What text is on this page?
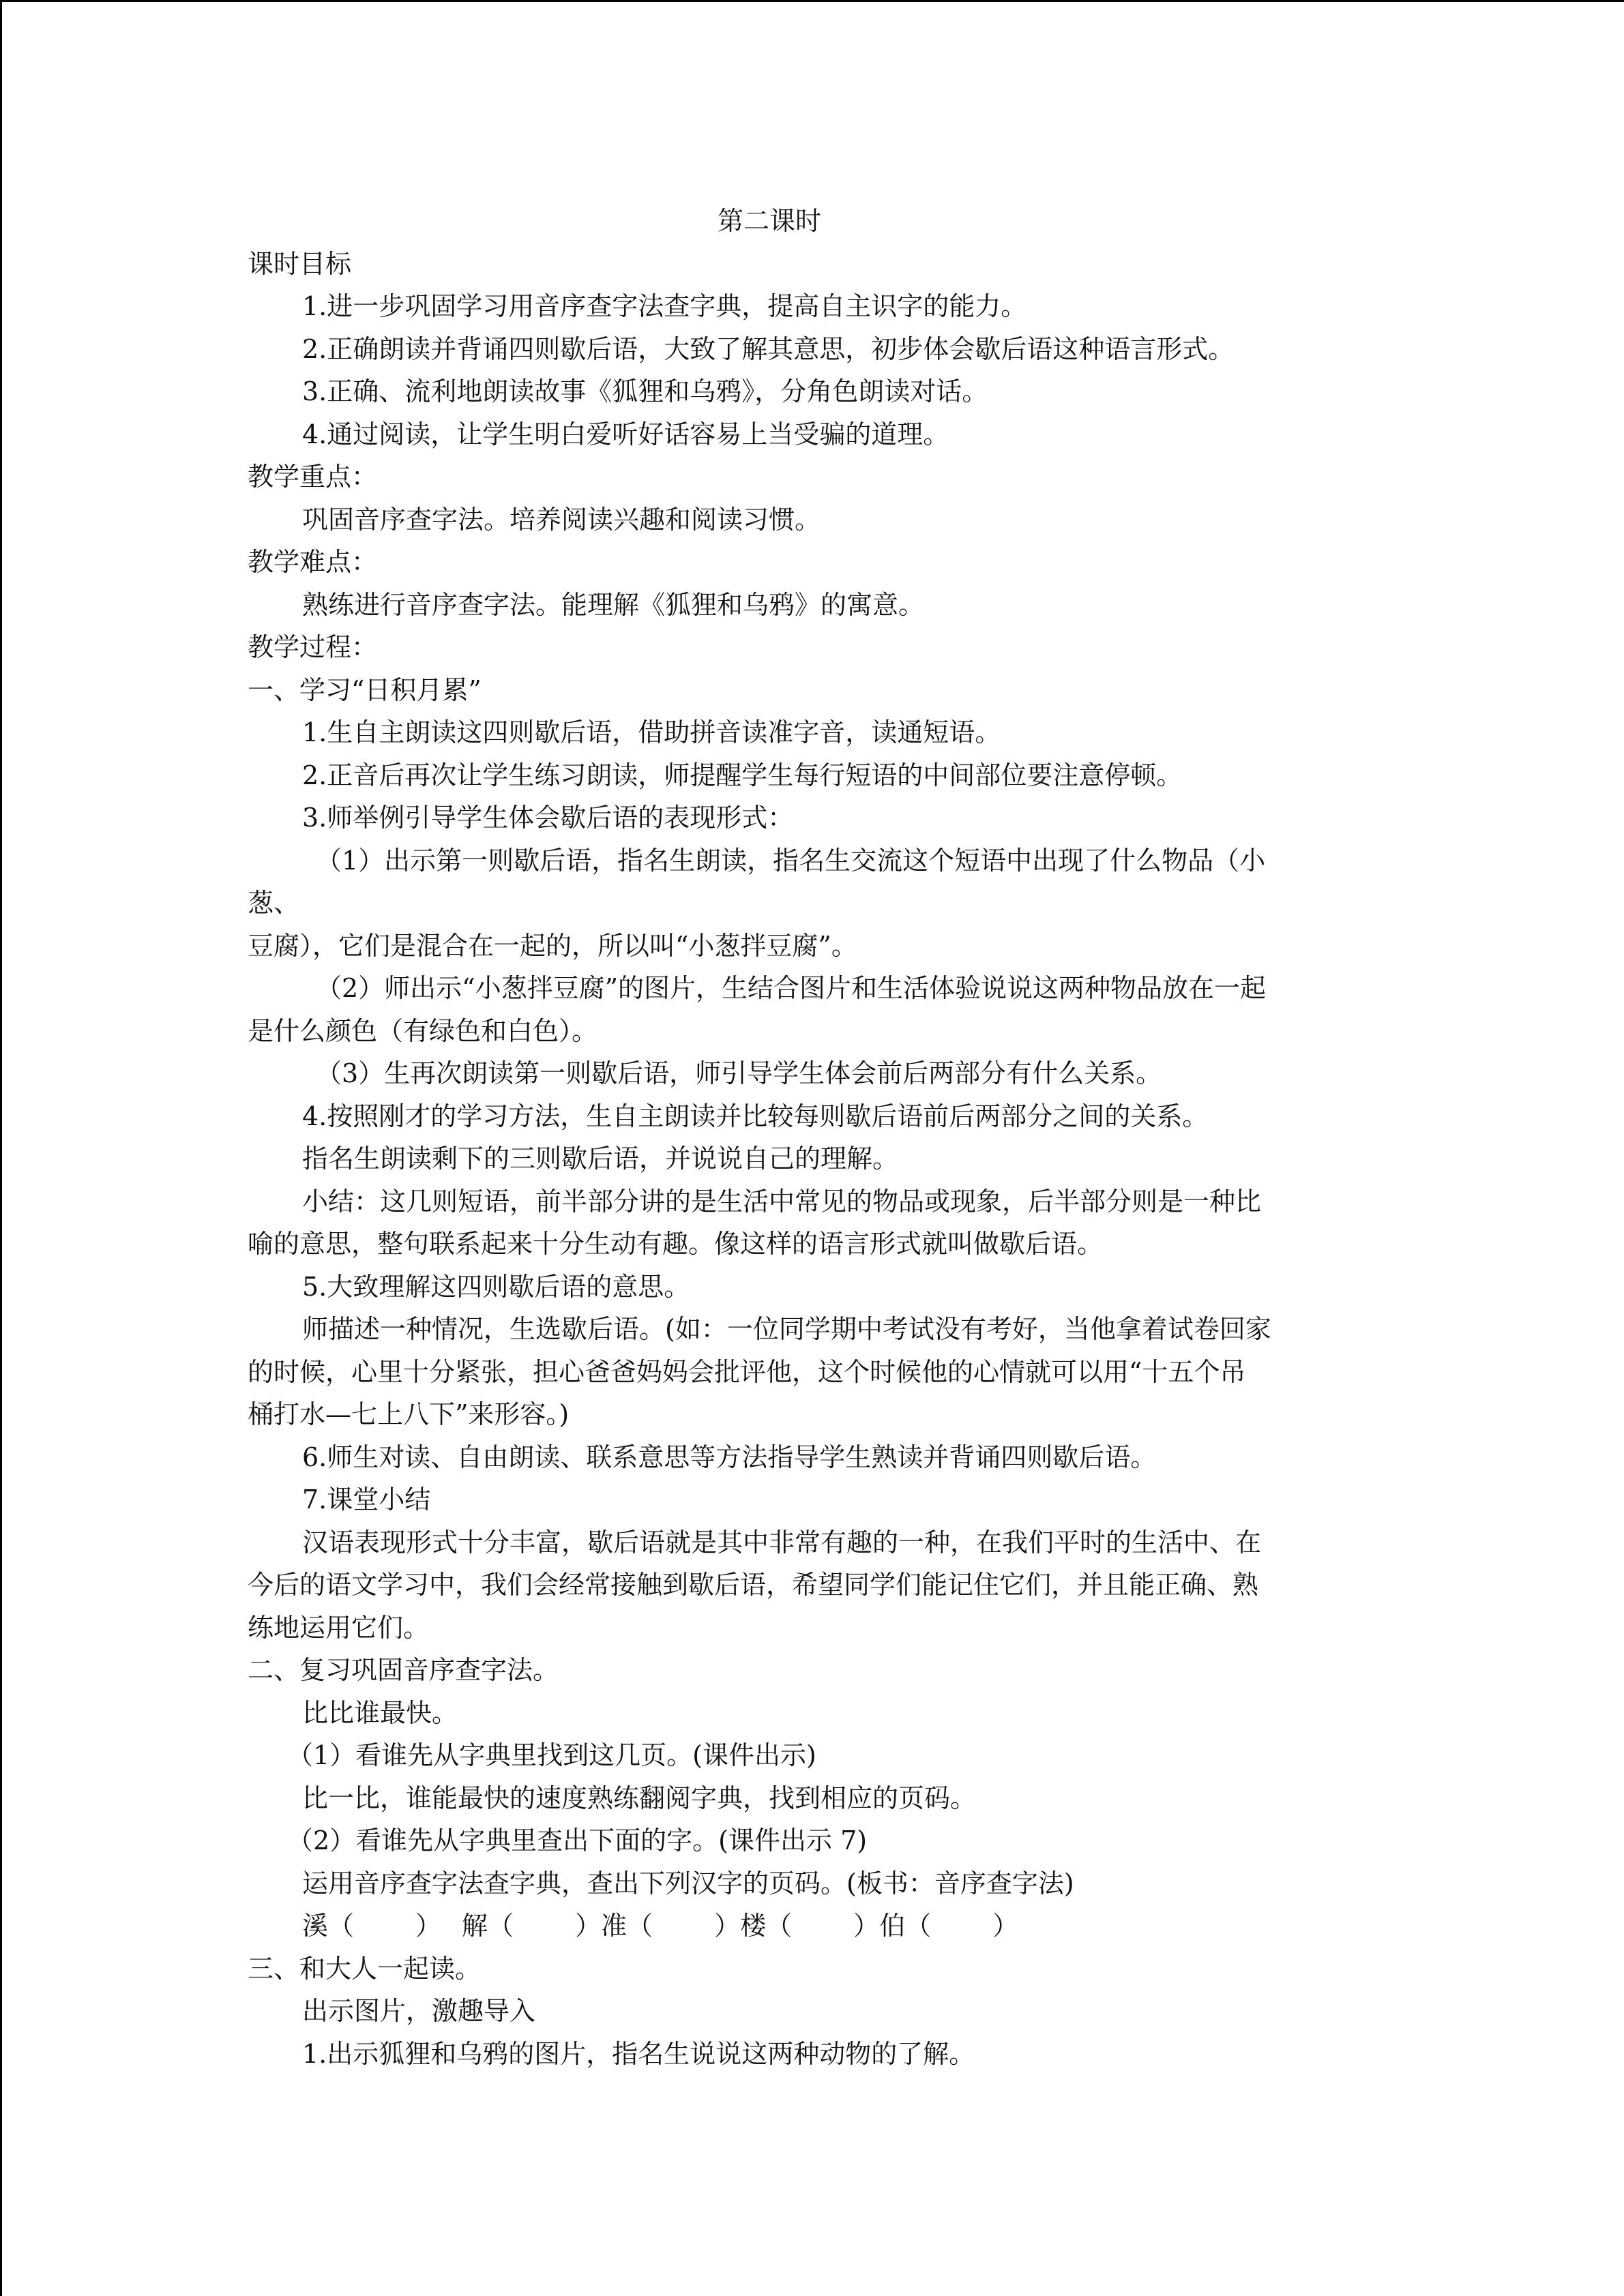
第二课时
课时目标
1.进一步巩固学习用音序查字法查字典，提高自主识字的能力。
2.正确朗读并背诵四则歇后语，大致了解其意思，初步体会歇后语这种语言形式。
3.正确、流利地朗读故事《狐狸和乌鸦》，分角色朗读对话。
4.通过阅读，让学生明白爱听好话容易上当受骗的道理。
教学重点：
巩固音序查字法。培养阅读兴趣和阅读习惯。
教学难点：
熟练进行音序查字法。能理解《狐狸和乌鸦》的寓意。
教学过程：
一、学习“日积月累”
1.生自主朗读这四则歇后语，借助拼音读准字音，读通短语。
2.正音后再次让学生练习朗读，师提醒学生每行短语的中间部位要注意停顿。
3.师举例引导学生体会歇后语的表现形式：
（1）出示第一则歇后语，指名生朗读，指名生交流这个短语中出现了什么物品（小
葱、
豆腐），它们是混合在一起的，所以叫“小葱拌豆腐”。
（2）师出示“小葱拌豆腐”的图片，生结合图片和生活体验说说这两种物品放在一起
是什么颜色（有绿色和白色）。
（3）生再次朗读第一则歇后语，师引导学生体会前后两部分有什么关系。
4.按照刚才的学习方法，生自主朗读并比较每则歇后语前后两部分之间的关系。
指名生朗读剩下的三则歇后语，并说说自己的理解。
小结：这几则短语，前半部分讲的是生活中常见的物品或现象，后半部分则是一种比
喻的意思，整句联系起来十分生动有趣。像这样的语言形式就叫做歇后语。
5.大致理解这四则歇后语的意思。
师描述一种情况，生选歇后语。(如：一位同学期中考试没有考好，当他拿着试卷回家
的时候，心里十分紧张，担心爸爸妈妈会批评他，这个时候他的心情就可以用“十五个吊
桶打水—七上八下”来形容。)
6.师生对读、自由朗读、联系意思等方法指导学生熟读并背诵四则歇后语。
7.课堂小结
汉语表现形式十分丰富，歇后语就是其中非常有趣的一种，在我们平时的生活中、在
今后的语文学习中，我们会经常接触到歇后语，希望同学们能记住它们，并且能正确、熟
练地运用它们。
二、复习巩固音序查字法。
比比谁最快。
（1）看谁先从字典里找到这几页。(课件出示)
比一比，谁能最快的速度熟练翻阅字典，找到相应的页码。
（2）看谁先从字典里查出下面的字。(课件出示 7)
运用音序查字法查字典，查出下列汉字的页码。(板书：音序查字法)
溪（ ） 解（ ）准（ ）楼（ ）伯（ ）
三、和大人一起读。
出示图片，激趣导入
1.出示狐狸和乌鸦的图片，指名生说说这两种动物的了解。
